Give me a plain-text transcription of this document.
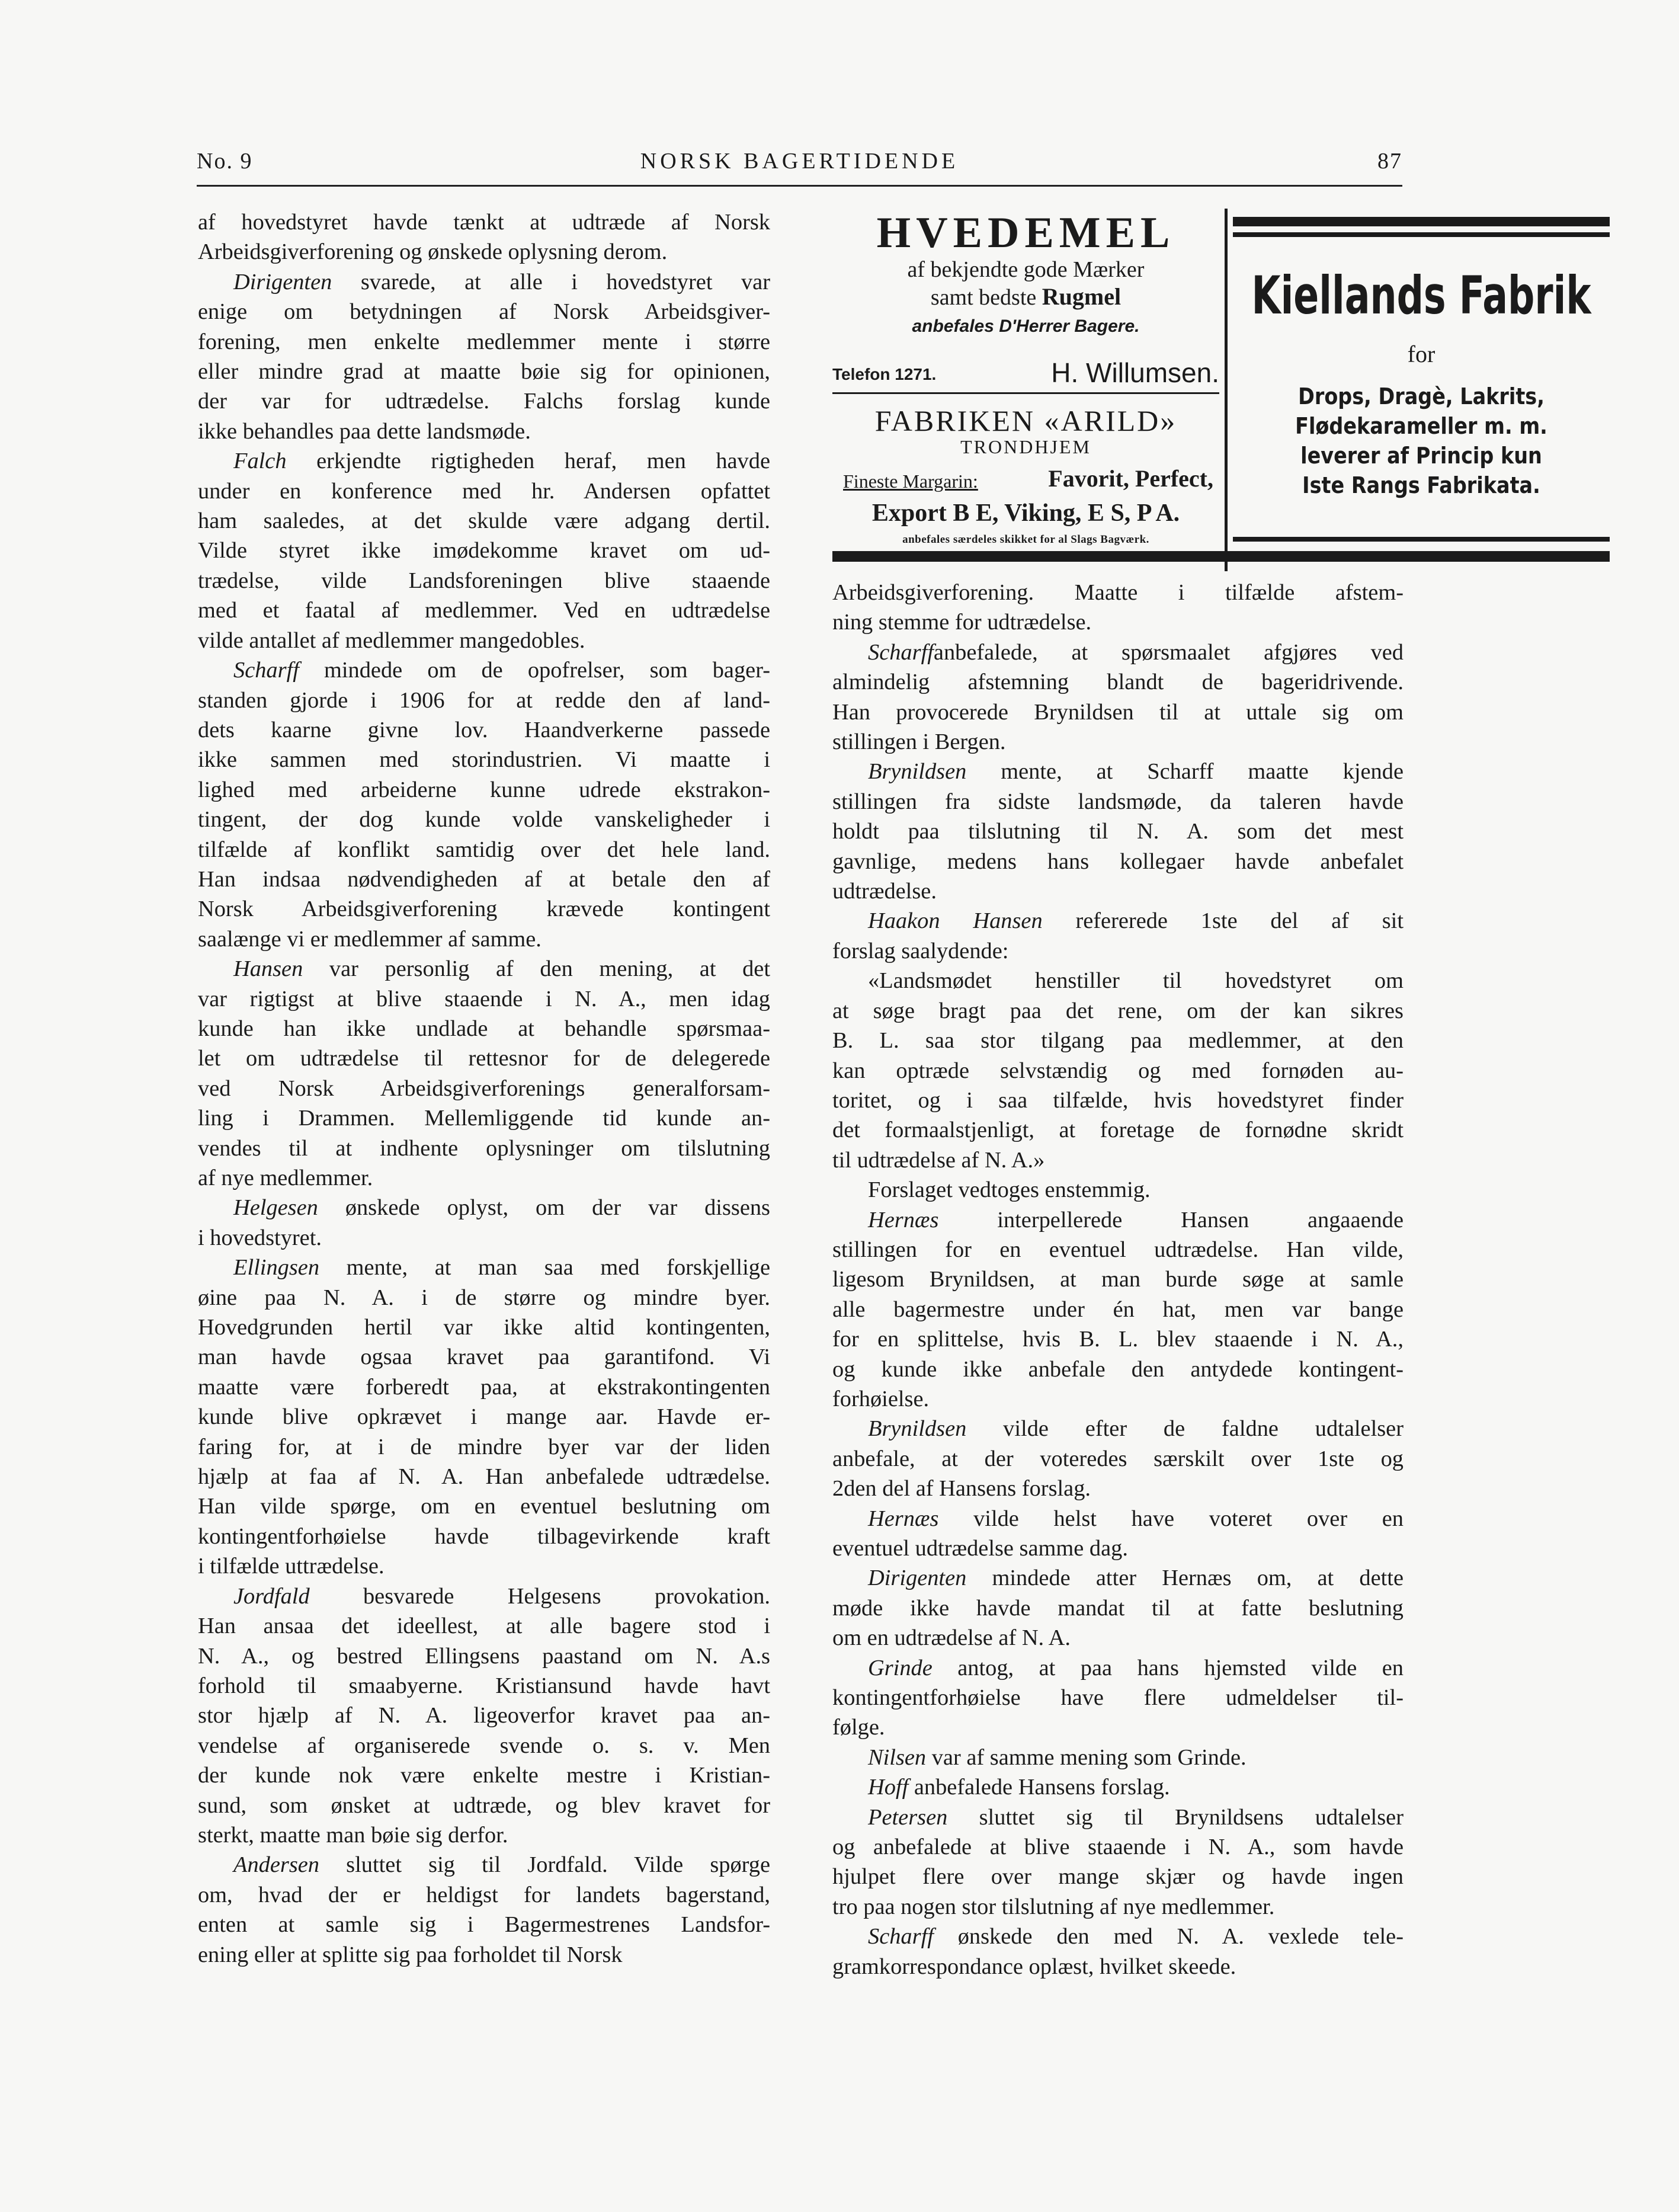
No. 9	NORSK BAGERTIDENDE	87

af hovedstyret havde tænkt at udtræde af Norsk
Arbeidsgiverforening og ønskede oplysning derom.

Dirigenten svarede, at alle i hovedstyret var
enige om betydningen af Norsk Arbeidsgiver-
forening, men enkelte medlemmer mente i større
eller mindre grad at maatte bøie sig for opinionen,
der var for udtrædelse. Falchs forslag kunde
ikke behandles paa dette landsmøde.

Falch erkjendte rigtigheden heraf, men havde
under en konference med hr. Andersen opfattet
ham saaledes, at det skulde være adgang dertil.
Vilde styret ikke imødekomme kravet om ud-
trædelse, vilde Landsforeningen blive staaende
med et faatal af medlemmer. Ved en udtrædelse
vilde antallet af medlemmer mangedobles.

Scharff mindede om de opofrelser, som bager-
standen gjorde i 1906 for at redde den af land-
dets kaarne givne lov. Haandverkerne passede
ikke sammen med storindustrien. Vi maatte i
lighed med arbeiderne kunne udrede ekstrakon-
tingent, der dog kunde volde vanskeligheder i
tilfælde af konflikt samtidig over det hele land.
Han indsaa nødvendigheden af at betale den af
Norsk Arbeidsgiverforening krævede kontingent
saalænge vi er medlemmer af samme.

Hansen var personlig af den mening, at det
var rigtigst at blive staaende i N. A., men idag
kunde han ikke undlade at behandle spørsmaa-
let om udtrædelse til rettesnor for de delegerede
ved Norsk Arbeidsgiverforenings generalforsam-
ling i Drammen. Mellemliggende tid kunde an-
vendes til at indhente oplysninger om tilslutning
af nye medlemmer.

Helgesen ønskede oplyst, om der var dissens
i hovedstyret.

Ellingsen mente, at man saa med forskjellige
øine paa N. A. i de større og mindre byer.
Hovedgrunden hertil var ikke altid kontingenten,
man havde ogsaa kravet paa garantifond. Vi
maatte være forberedt paa, at ekstrakontingenten
kunde blive opkrævet i mange aar. Havde er-
faring for, at i de mindre byer var der liden
hjælp at faa af N. A. Han anbefalede udtrædelse.
Han vilde spørge, om en eventuel beslutning om
kontingentforhøielse havde tilbagevirkende kraft
i tilfælde uttrædelse.

Jordfald besvarede Helgesens provokation.
Han ansaa det ideellest, at alle bagere stod i
N. A., og bestred Ellingsens paastand om N. A.s
forhold til smaabyerne. Kristiansund havde havt
stor hjælp af N. A. ligeoverfor kravet paa an-
vendelse af organiserede svende o. s. v. Men
der kunde nok være enkelte mestre i Kristian-
sund, som ønsket at udtræde, og blev kravet for
sterkt, maatte man bøie sig derfor.

Andersen sluttet sig til Jordfald. Vilde spørge
om, hvad der er heldigst for landets bagerstand,
enten at samle sig i Bagermestrenes Landsfor-
ening eller at splitte sig paa forholdet til Norsk

HVEDEMEL
af bekjendte gode Mærker
samt bedste Rugmel
anbefales D'Herrer Bagere.
Telefon 1271.	H. Willumsen.
FABRIKEN «ARILD»
TRONDHJEM
Fineste Margarin:	Favorit, Perfect,
Export B E, Viking, E S, P A.
anbefales særdeles skikket for al Slags Bagværk.
Kiellands Fabrik
for
Drops, Dragè, Lakrits,
Flødekarameller m. m.
leverer af Princip kun
Iste Rangs Fabrikata.

Arbeidsgiverforening. Maatte i tilfælde afstem-
ning stemme for udtrædelse.

Scharffanbefalede, at spørsmaalet afgjøres ved
almindelig afstemning blandt de bageridrivende.
Han provocerede Brynildsen til at uttale sig om
stillingen i Bergen.

Brynildsen mente, at Scharff maatte kjende
stillingen fra sidste landsmøde, da taleren havde
holdt paa tilslutning til N. A. som det mest
gavnlige, medens hans kollegaer havde anbefalet
udtrædelse.

Haakon Hansen refererede 1ste del af sit
forslag saalydende:

«Landsmødet henstiller til hovedstyret om
at søge bragt paa det rene, om der kan sikres
B. L. saa stor tilgang paa medlemmer, at den
kan optræde selvstændig og med fornøden au-
toritet, og i saa tilfælde, hvis hovedstyret finder
det formaalstjenligt, at foretage de fornødne skridt
til udtrædelse af N. A.»

Forslaget vedtoges enstemmig.

Hernæs interpellerede Hansen angaaende
stillingen for en eventuel udtrædelse. Han vilde,
ligesom Brynildsen, at man burde søge at samle
alle bagermestre under én hat, men var bange
for en splittelse, hvis B. L. blev staaende i N. A.,
og kunde ikke anbefale den antydede kontingent-
forhøielse.

Brynildsen vilde efter de faldne udtalelser
anbefale, at der voteredes særskilt over 1ste og
2den del af Hansens forslag.

Hernæs vilde helst have voteret over en
eventuel udtrædelse samme dag.

Dirigenten mindede atter Hernæs om, at dette
møde ikke havde mandat til at fatte beslutning
om en udtrædelse af N. A.

Grinde antog, at paa hans hjemsted vilde en
kontingentforhøielse have flere udmeldelser til-
følge.

Nilsen var af samme mening som Grinde.

Hoff anbefalede Hansens forslag.

Petersen sluttet sig til Brynildsens udtalelser
og anbefalede at blive staaende i N. A., som havde
hjulpet flere over mange skjær og havde ingen
tro paa nogen stor tilslutning af nye medlemmer.

Scharff ønskede den med N. A. vexlede tele-
gramkorrespondance oplæst, hvilket skeede.
